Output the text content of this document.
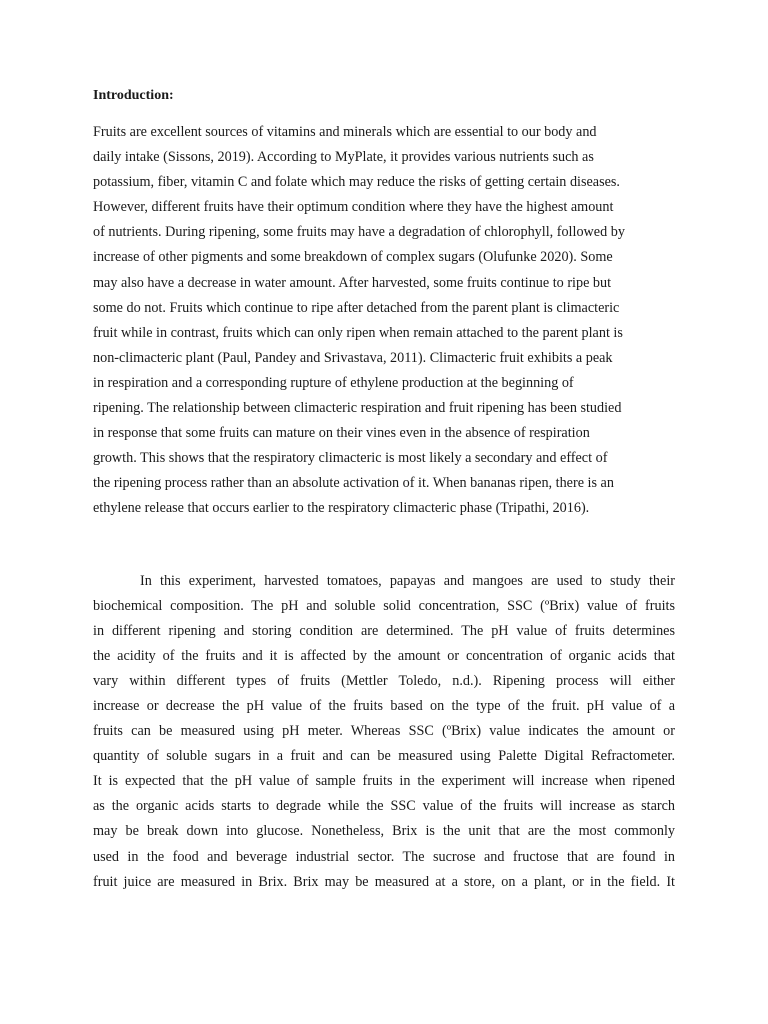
Introduction:

Fruits are excellent sources of vitamins and minerals which are essential to our body and
daily intake (Sissons, 2019). According to MyPlate, it provides various nutrients such as
potassium, fiber, vitamin C and folate which may reduce the risks of getting certain diseases.
However, different fruits have their optimum condition where they have the highest amount
of nutrients. During ripening, some fruits may have a degradation of chlorophyll, followed by
increase of other pigments and some breakdown of complex sugars (Olufunke 2020). Some
may also have a decrease in water amount. After harvested, some fruits continue to ripe but
some do not. Fruits which continue to ripe after detached from the parent plant is climacteric
fruit while in contrast, fruits which can only ripen when remain attached to the parent plant is
non-climacteric plant (Paul, Pandey and Srivastava, 2011). Climacteric fruit exhibits a peak
in respiration and a corresponding rupture of ethylene production at the beginning of
ripening. The relationship between climacteric respiration and fruit ripening has been studied
in response that some fruits can mature on their vines even in the absence of respiration
growth. This shows that the respiratory climacteric is most likely a secondary and effect of
the ripening process rather than an absolute activation of it. When bananas ripen, there is an
ethylene release that occurs earlier to the respiratory climacteric phase (Tripathi, 2016).

In this experiment, harvested tomatoes, papayas and mangoes are used to study their
biochemical composition. The pH and soluble solid concentration, SSC (ºBrix) value of fruits
in different ripening and storing condition are determined. The pH value of fruits determines
the acidity of the fruits and it is affected by the amount or concentration of organic acids that
vary within different types of fruits (Mettler Toledo, n.d.). Ripening process will either
increase or decrease the pH value of the fruits based on the type of the fruit. pH value of a
fruits can be measured using pH meter. Whereas SSC (ºBrix) value indicates the amount or
quantity of soluble sugars in a fruit and can be measured using Palette Digital Refractometer.
It is expected that the pH value of sample fruits in the experiment will increase when ripened
as the organic acids starts to degrade while the SSC value of the fruits will increase as starch
may be break down into glucose. Nonetheless, Brix is the unit that are the most commonly
used in the food and beverage industrial sector. The sucrose and fructose that are found in
fruit juice are measured in Brix. Brix may be measured at a store, on a plant, or in the field. It
